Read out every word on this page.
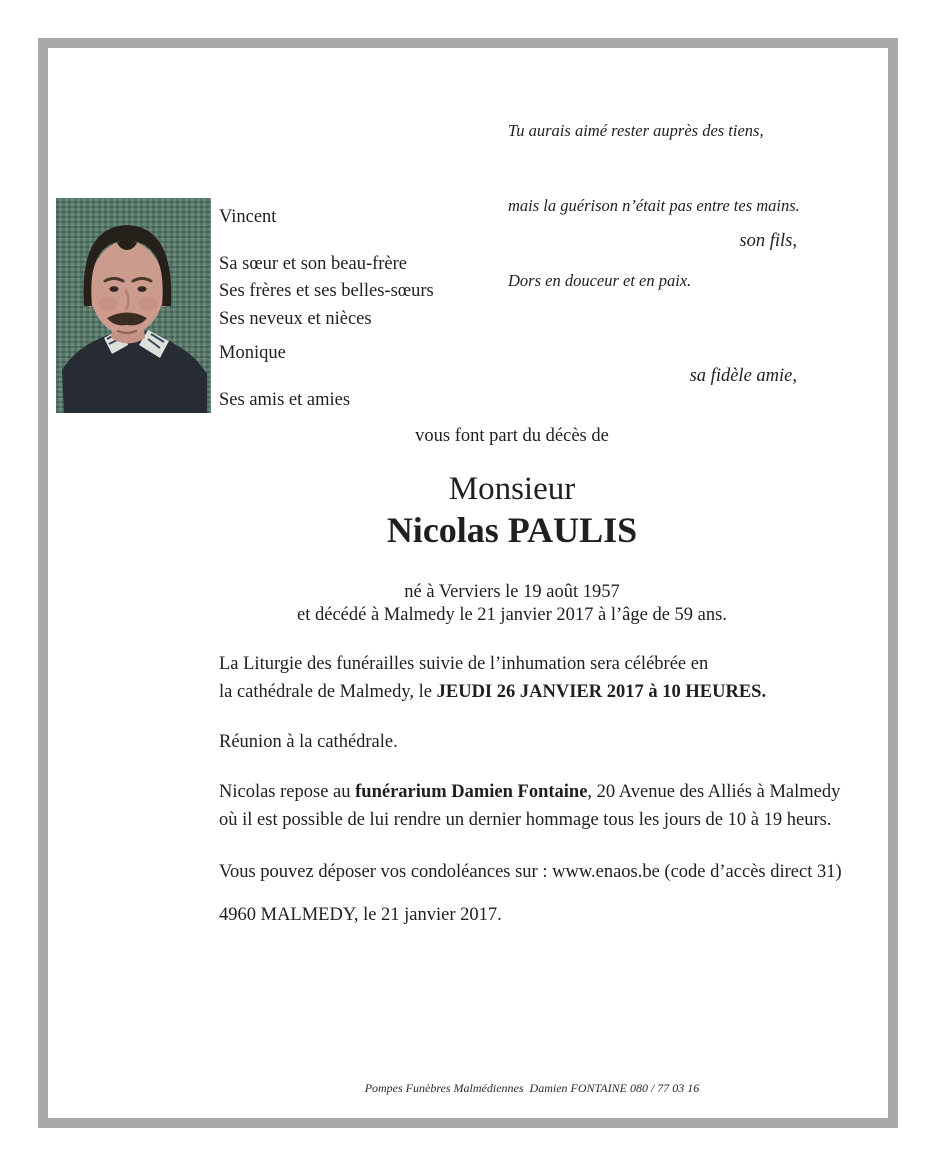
Tu aurais aimé rester auprès des tiens,

mais la guérison n’était pas entre tes mains.

Dors en douceur et en paix.

Vincent
son fils,
Sa sœur et son beau-frère
Ses frères et ses belles-sœurs
Ses neveux et nièces
Monique
sa fidèle amie,
Ses amis et amies
vous font part du décès de
Monsieur
Nicolas PAULIS
né à Verviers le 19 août 1957
et décédé à Malmedy le 21 janvier 2017 à l’âge de 59 ans.
La Liturgie des funérailles suivie de l’inhumation sera célébrée en
la cathédrale de Malmedy, le JEUDI 26 JANVIER 2017 à 10 HEURES.
Réunion à la cathédrale.
Nicolas repose au funérarium Damien Fontaine, 20 Avenue des Alliés à Malmedy
où il est possible de lui rendre un dernier hommage tous les jours de 10 à 19 heurs.
Vous pouvez déposer vos condoléances sur : www.enaos.be (code d’accès direct 31)
4960 MALMEDY, le 21 janvier 2017.
Pompes Funèbres Malmédiennes  Damien FONTAINE 080 / 77 03 16
